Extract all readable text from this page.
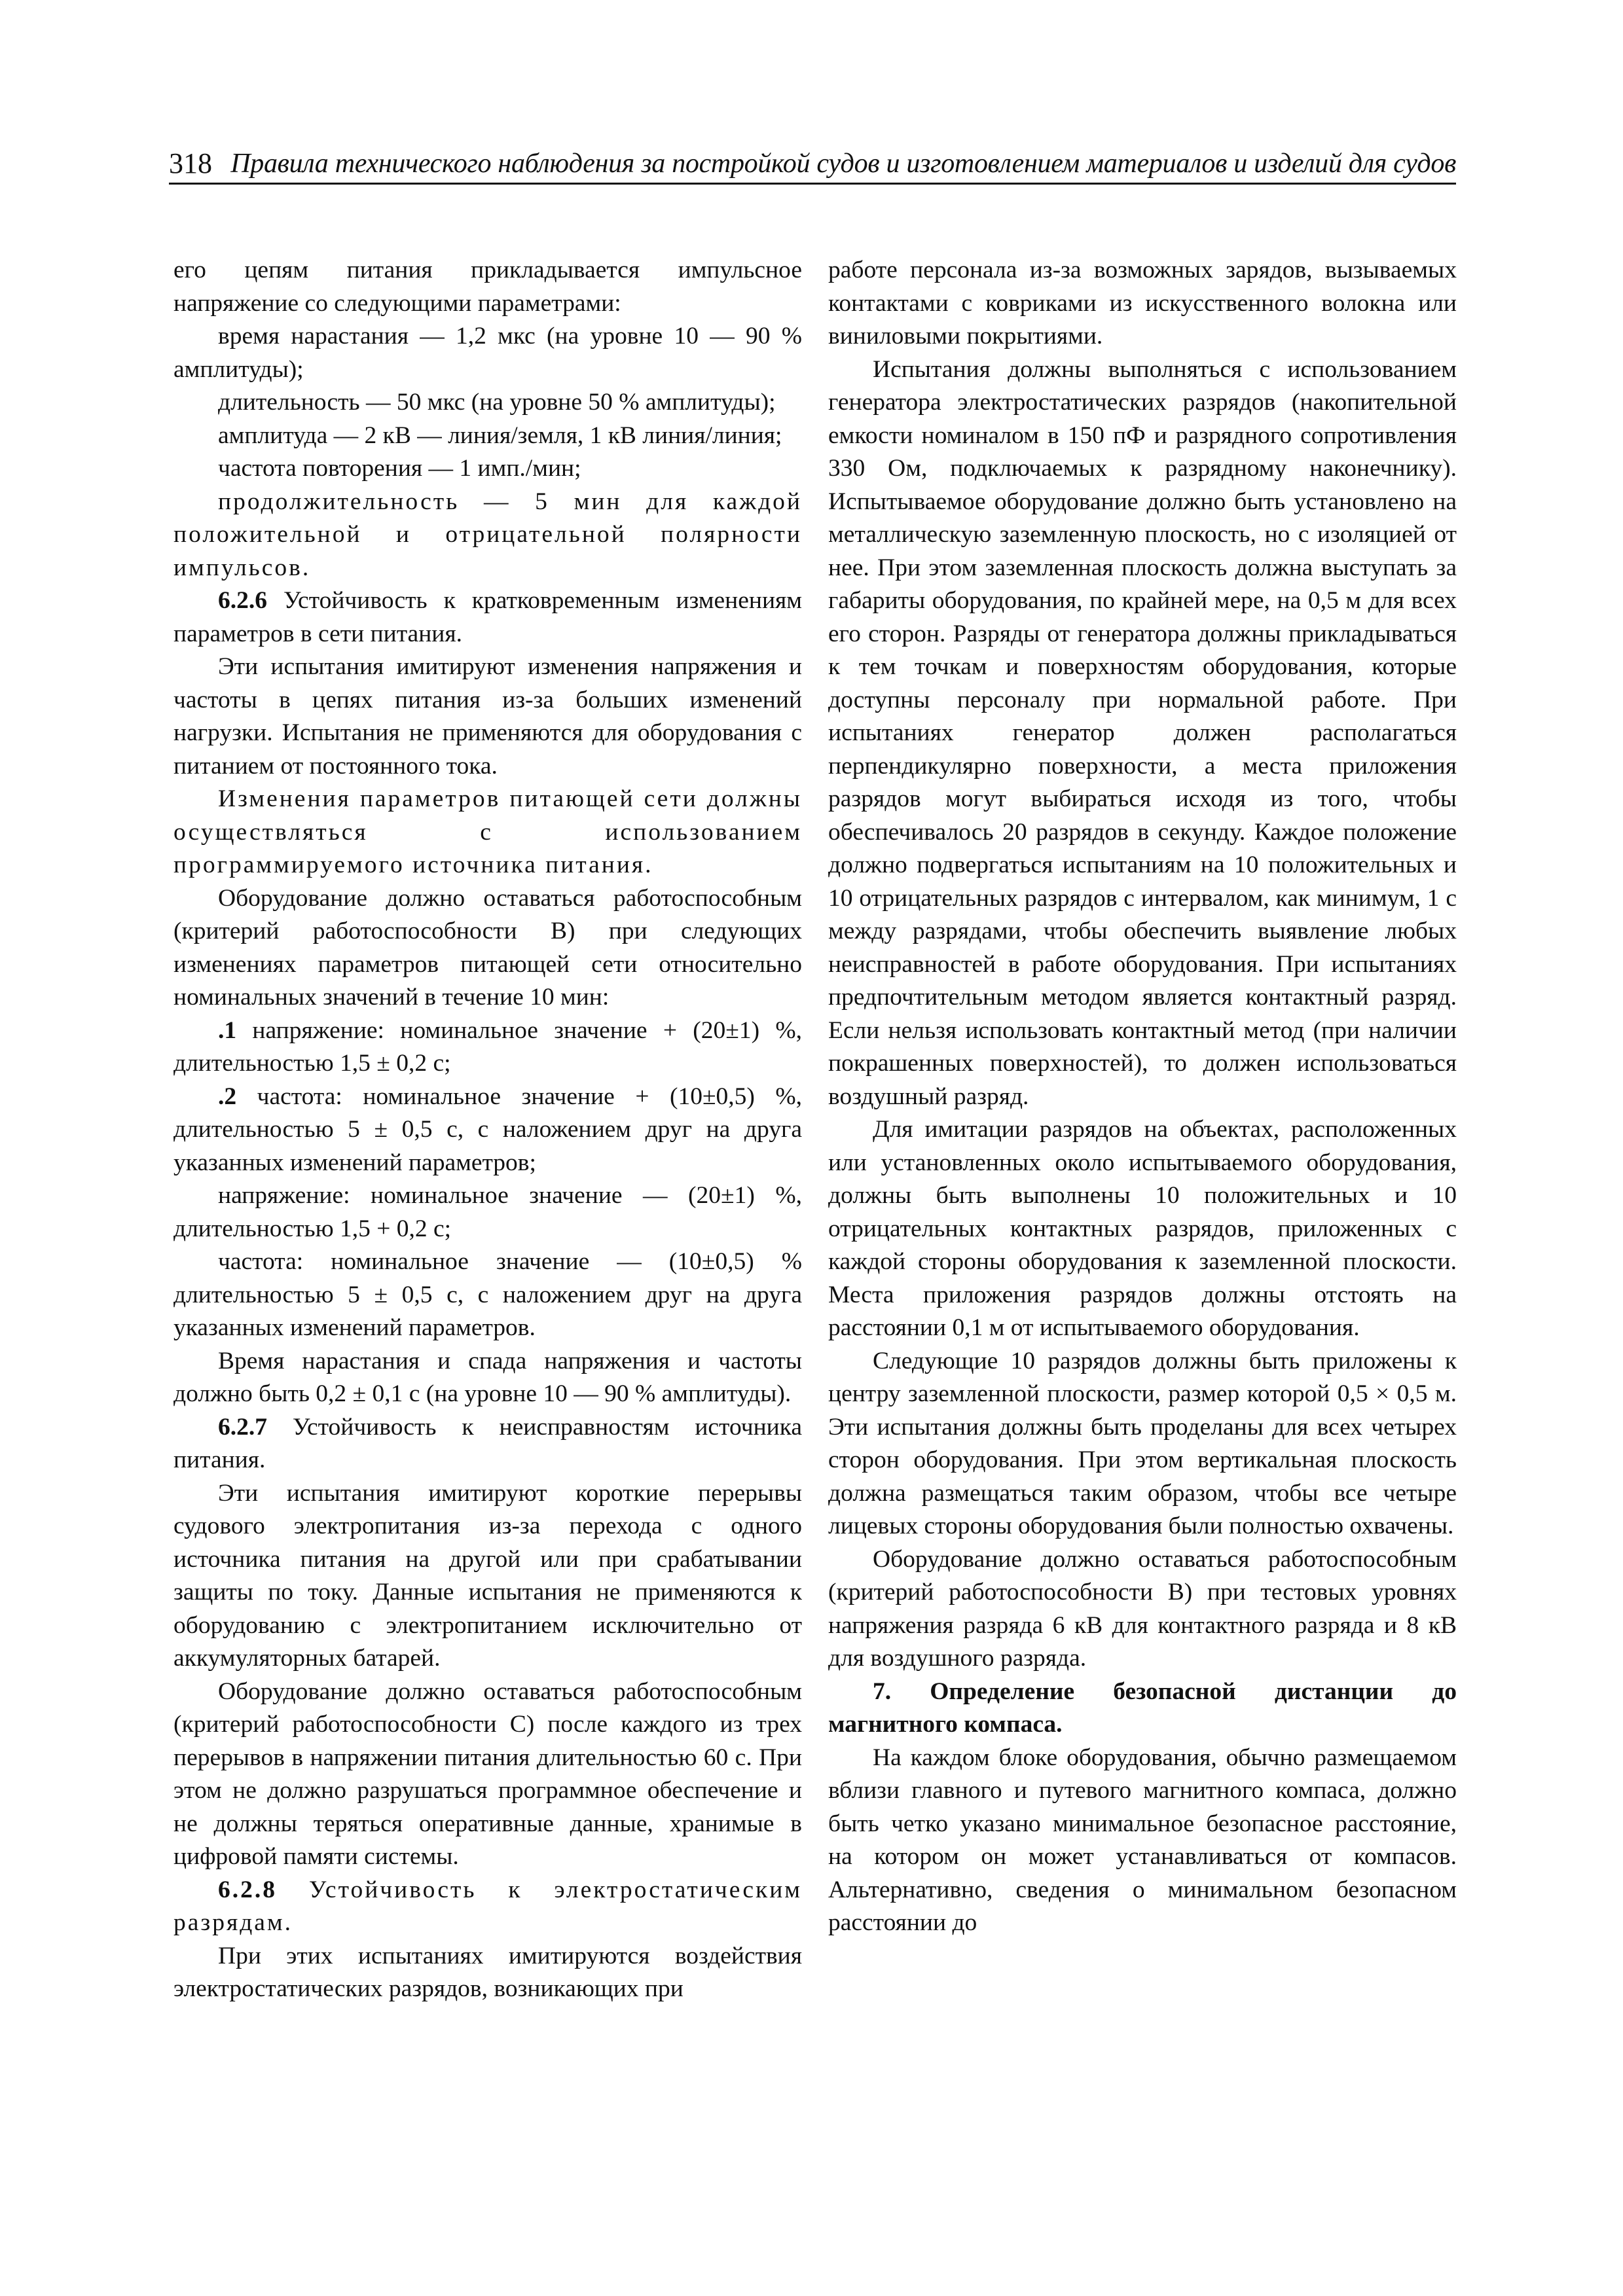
318 Правила технического наблюдения за постройкой судов и изготовлением материалов и изделий для судов

его цепям питания прикладывается импульсное напряжение со следующими параметрами:

время нарастания — 1,2 мкс (на уровне 10 — 90 % амплитуды);

длительность — 50 мкс (на уровне 50 % амплитуды);

амплитуда — 2 кВ — линия/земля, 1 кВ линия/линия;

частота повторения — 1 имп./мин;

продолжительность — 5 мин для каждой положительной и отрицательной полярности импульсов.

6.2.6 Устойчивость к кратковременным изменениям параметров в сети питания.

Эти испытания имитируют изменения напряжения и частоты в цепях питания из-за больших изменений нагрузки. Испытания не применяются для оборудования с питанием от постоянного тока.

Изменения параметров питающей сети должны осуществляться с использованием программируемого источника питания.

Оборудование должно оставаться работоспособным (критерий работоспособности В) при следующих изменениях параметров питающей сети относительно номинальных значений в течение 10 мин:

.1 напряжение: номинальное значение + (20±1) %, длительностью 1,5 ± 0,2 с;

.2 частота: номинальное значение + (10±0,5) %, длительностью 5 ± 0,5 с, с наложением друг на друга указанных изменений параметров;

напряжение: номинальное значение — (20±1) %, длительностью 1,5 + 0,2 с;

частота: номинальное значение — (10±0,5) % длительностью 5 ± 0,5 с, с наложением друг на друга указанных изменений параметров.

Время нарастания и спада напряжения и частоты должно быть 0,2 ± 0,1 с (на уровне 10 — 90 % амплитуды).

6.2.7 Устойчивость к неисправностям источника питания.

Эти испытания имитируют короткие перерывы судового электропитания из-за перехода с одного источника питания на другой или при срабатывании защиты по току. Данные испытания не применяются к оборудованию с электропитанием исключительно от аккумуляторных батарей.

Оборудование должно оставаться работоспособным (критерий работоспособности С) после каждого из трех перерывов в напряжении питания длительностью 60 с. При этом не должно разрушаться программное обеспечение и не должны теряться оперативные данные, хранимые в цифровой памяти системы.

6.2.8 Устойчивость к электростатическим разрядам.

При этих испытаниях имитируются воздействия электростатических разрядов, возникающих при

работе персонала из-за возможных зарядов, вызываемых контактами с ковриками из искусственного волокна или виниловыми покрытиями.

Испытания должны выполняться с использованием генератора электростатических разрядов (накопительной емкости номиналом в 150 пФ и разрядного сопротивления 330 Ом, подключаемых к разрядному наконечнику). Испытываемое оборудование должно быть установлено на металлическую заземленную плоскость, но с изоляцией от нее. При этом заземленная плоскость должна выступать за габариты оборудования, по крайней мере, на 0,5 м для всех его сторон. Разряды от генератора должны прикладываться к тем точкам и поверхностям оборудования, которые доступны персоналу при нормальной работе. При испытаниях генератор должен располагаться перпендикулярно поверхности, а места приложения разрядов могут выбираться исходя из того, чтобы обеспечивалось 20 разрядов в секунду. Каждое положение должно подвергаться испытаниям на 10 положительных и 10 отрицательных разрядов с интервалом, как минимум, 1 с между разрядами, чтобы обеспечить выявление любых неисправностей в работе оборудования. При испытаниях предпочтительным методом является контактный разряд. Если нельзя использовать контактный метод (при наличии покрашенных поверхностей), то должен использоваться воздушный разряд.

Для имитации разрядов на объектах, расположенных или установленных около испытываемого оборудования, должны быть выполнены 10 положительных и 10 отрицательных контактных разрядов, приложенных с каждой стороны оборудования к заземленной плоскости. Места приложения разрядов должны отстоять на расстоянии 0,1 м от испытываемого оборудования.

Следующие 10 разрядов должны быть приложены к центру заземленной плоскости, размер которой 0,5 × 0,5 м. Эти испытания должны быть проделаны для всех четырех сторон оборудования. При этом вертикальная плоскость должна размещаться таким образом, чтобы все четыре лицевых стороны оборудования были полностью охвачены.

Оборудование должно оставаться работоспособным (критерий работоспособности В) при тестовых уровнях напряжения разряда 6 кВ для контактного разряда и 8 кВ для воздушного разряда.

7. Определение безопасной дистанции до магнитного компаса.

На каждом блоке оборудования, обычно размещаемом вблизи главного и путевого магнитного компаса, должно быть четко указано минимальное безопасное расстояние, на котором он может устанавливаться от компасов. Альтернативно, сведения о минимальном безопасном расстоянии до
